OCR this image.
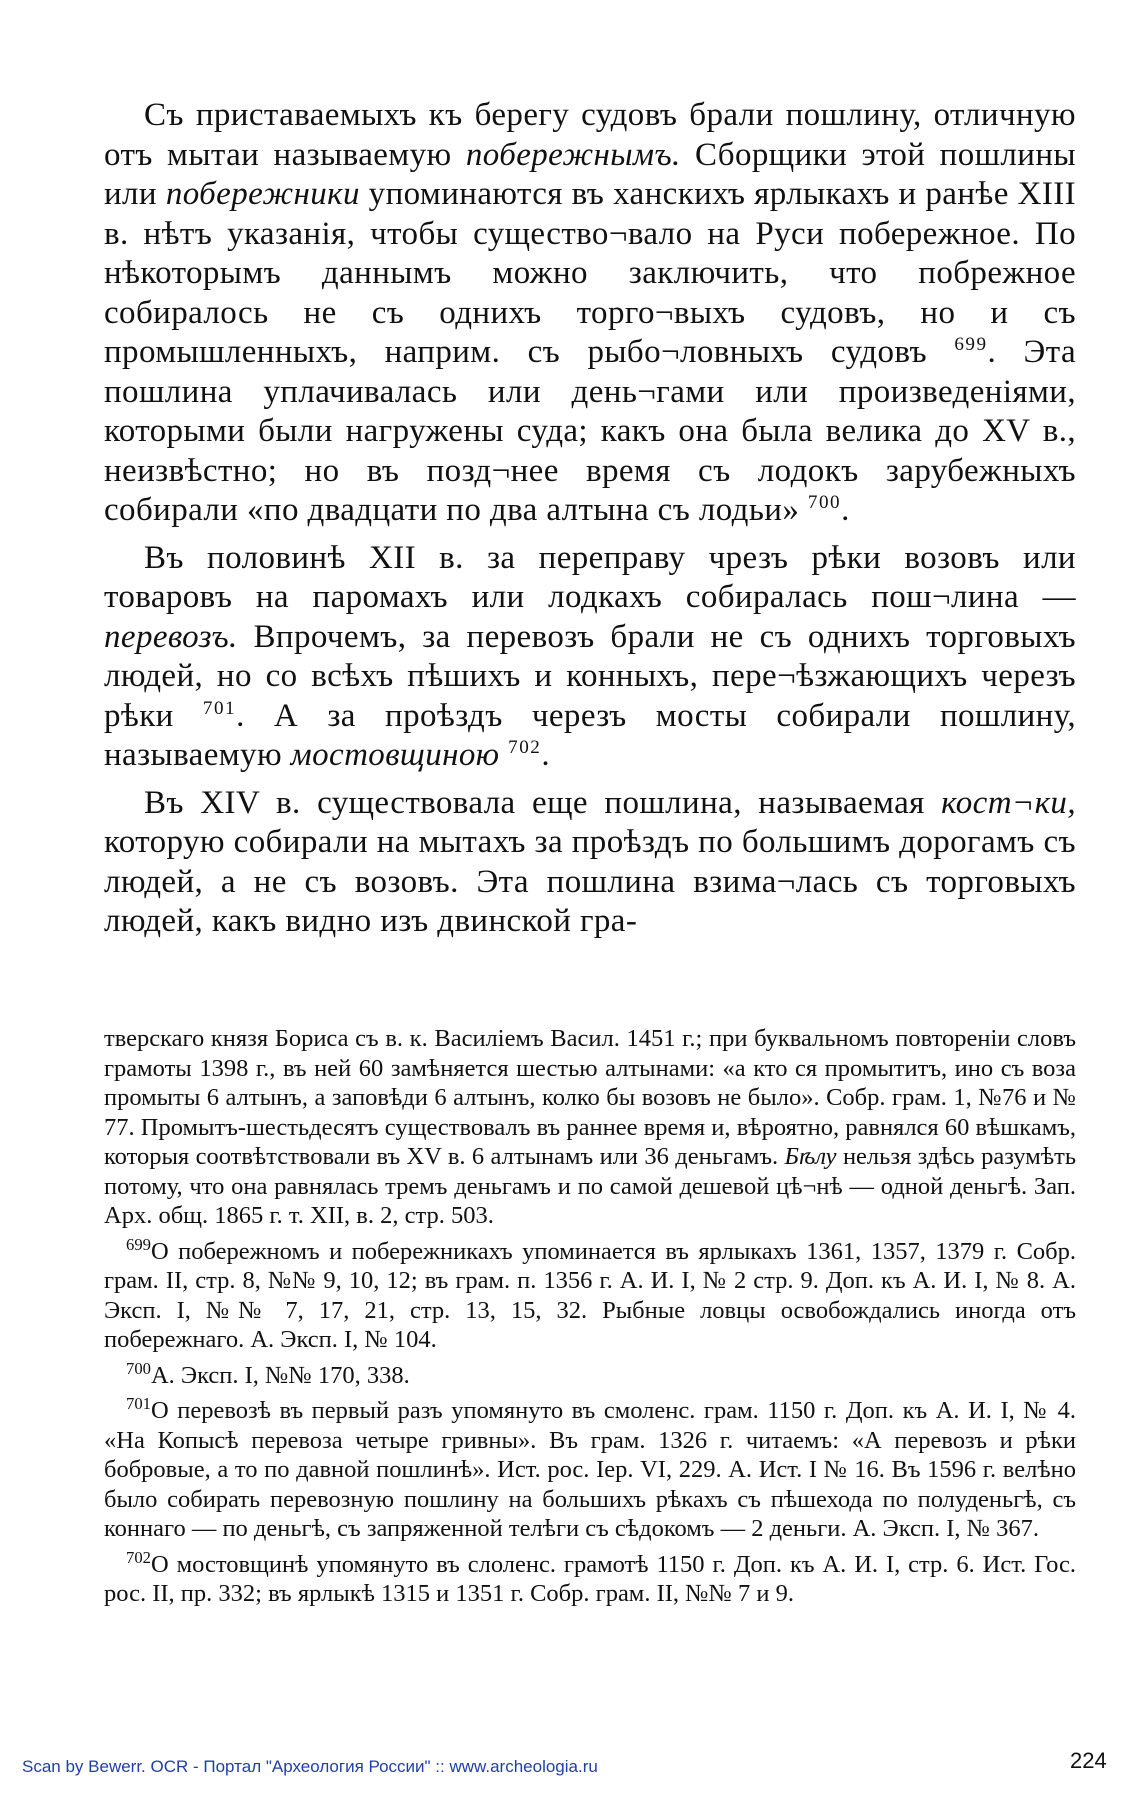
Съ приставаемыхъ къ берегу судовъ брали пошлину, отличную отъ мытаи называемую побережнымъ. Сборщики этой пошлины или побережники упоминаются въ ханскихъ ярлыкахъ и ранѣе XIII в. нѣтъ указанія, чтобы существо¬вало на Руси побережное. По нѣкоторымъ даннымъ можно заключить, что побрежное собиралось не съ однихъ торго¬выхъ судовъ, но и съ промышленныхъ, наприм. съ рыбо¬ловныхъ судовъ $^{699}$. Эта пошлина уплачивалась или день¬гами или произведеніями, которыми были нагружены суда; какъ она была велика до XV в., неизвѣстно; но въ позд¬нее время съ лодокъ зарубежныхъ собирали «по двадцати по два алтына съ лодьи» $^{700}$.

Въ половинѣ XII в. за переправу чрезъ рѣки возовъ или товаровъ на паромахъ или лодкахъ собиралась пош¬лина — перевозъ. Впрочемъ, за перевозъ брали не съ однихъ торговыхъ людей, но со всѣхъ пѣшихъ и конныхъ, пере¬ѣзжающихъ черезъ рѣки $^{701}$. А за проѣздъ черезъ мосты собирали пошлину, называемую мостовщиною $^{702}$.

Въ XIV в. существовала еще пошлина, называемая кост¬ки, которую собирали на мытахъ за проѣздъ по большимъ дорогамъ съ людей, а не съ возовъ. Эта пошлина взима¬лась съ торговыхъ людей, какъ видно изъ двинской гра-

тверскаго князя Бориса съ в. к. Василіемъ Васил. 1451 г.; при буквальномъ повтореніи словъ грамоты 1398 г., въ ней 60 замѣняется шестью алтынами: «а кто ся промытитъ, ино съ воза промыты 6 алтынъ, а заповѣди 6 алтынъ, колко бы возовъ не было». Собр. грам. 1, №76 и № 77. Промытъ-шестьдесятъ существовалъ въ раннее время и, вѣроятно, равнялся 60 вѣшкамъ, которыя соотвѣтствовали въ XV в. 6 алтынамъ или 36 деньгамъ. Бѣлу нельзя здѣсь разумѣть потому, что она равнялась тремъ деньгамъ и по самой дешевой цѣ¬нѣ — одной деньгѣ. Зап. Арх. общ. 1865 г. т. XII, в. 2, стр. 503.

$^{699}$О побережномъ и побережникахъ упоминается въ ярлыкахъ 1361, 1357, 1379 г. Собр. грам. II, стр. 8, №№ 9, 10, 12; въ грам. п. 1356 г. А. И. I, № 2 стр. 9. Доп. къ А. И. I, № 8. А. Эксп. I, №№ 7, 17, 21, стр. 13, 15, 32. Рыбные ловцы освобождались иногда отъ побережнаго. А. Эксп. I, № 104.

$^{700}$А. Эксп. I, №№ 170, 338.

$^{701}$О перевозѣ въ первый разъ упомянуто въ смоленс. грам. 1150 г. Доп. къ А. И. I, № 4. «На Копысѣ перевоза четыре гривны». Въ грам. 1326 г. читаемъ: «А перевозъ и рѣки бобровые, а то по давной пошлинѣ». Ист. рос. Іер. VI, 229. А. Ист. I № 16. Въ 1596 г. велѣно было собирать перевозную пошлину на большихъ рѣкахъ съ пѣшехода по полуденьгѣ, съ коннаго — по деньгѣ, съ запряженной телѣги съ сѣдокомъ — 2 деньги. А. Эксп. I, № 367.

$^{702}$О мостовщинѣ упомянуто въ слоленс. грамотѣ 1150 г. Доп. къ А. И. I, стр. 6. Ист. Гос. рос. II, пр. 332; въ ярлыкѣ 1315 и 1351 г. Собр. грам. II, №№ 7 и 9.

Scan by Bewerr. OCR - Портал "Археология России" :: www.archeologia.ru	224
